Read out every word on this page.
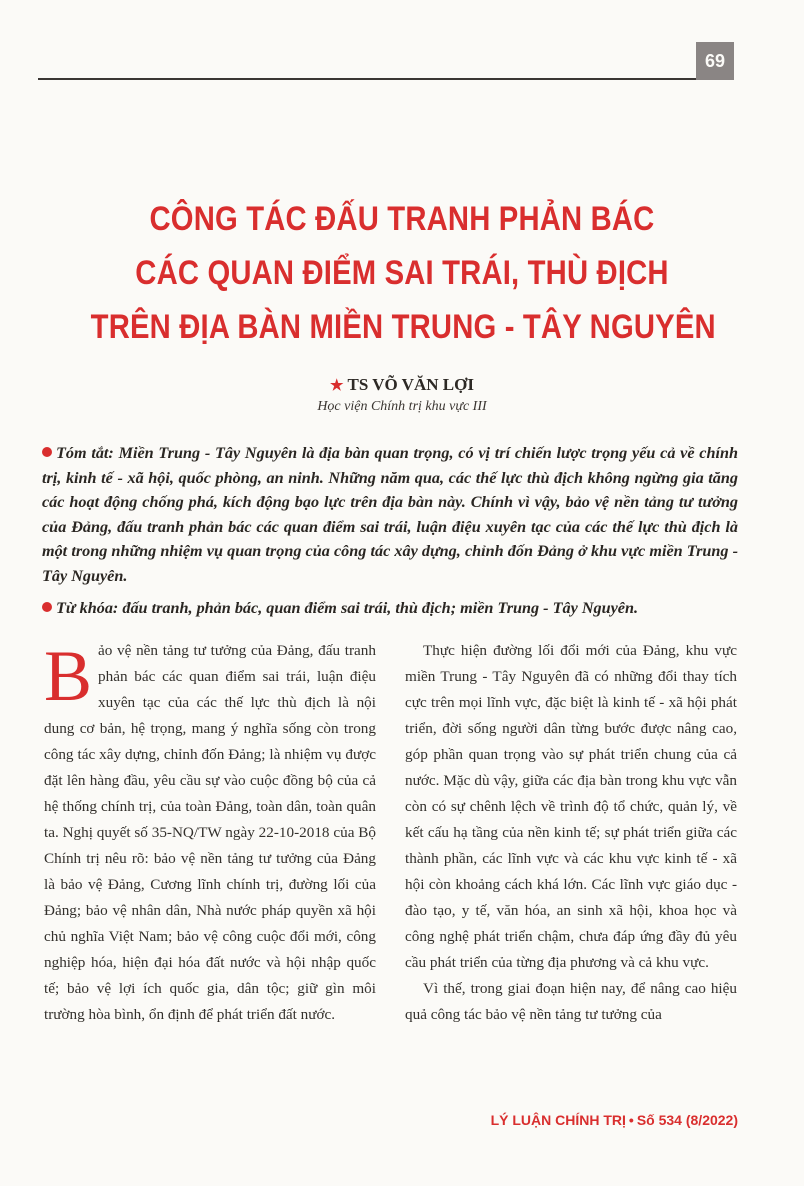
69
CÔNG TÁC ĐẤU TRANH PHẢN BÁC
CÁC QUAN ĐIỂM SAI TRÁI, THÙ ĐỊCH
TRÊN ĐỊA BÀN MIỀN TRUNG - TÂY NGUYÊN
★ TS VÕ VĂN LỢI
Học viện Chính trị khu vực III

Tóm tắt: Miền Trung - Tây Nguyên là địa bàn quan trọng, có vị trí chiến lược trọng yếu cả về chính trị, kinh tế - xã hội, quốc phòng, an ninh. Những năm qua, các thế lực thù địch không ngừng gia tăng các hoạt động chống phá, kích động bạo lực trên địa bàn này. Chính vì vậy, bảo vệ nền tảng tư tưởng của Đảng, đấu tranh phản bác các quan điểm sai trái, luận điệu xuyên tạc của các thế lực thù địch là một trong những nhiệm vụ quan trọng của công tác xây dựng, chỉnh đốn Đảng ở khu vực miền Trung - Tây Nguyên.

Từ khóa: đấu tranh, phản bác, quan điểm sai trái, thù địch; miền Trung - Tây Nguyên.

Bảo vệ nền tảng tư tưởng của Đảng, đấu tranh phản bác các quan điểm sai trái, luận điệu xuyên tạc của các thế lực thù địch là nội dung cơ bản, hệ trọng, mang ý nghĩa sống còn trong công tác xây dựng, chỉnh đốn Đảng; là nhiệm vụ được đặt lên hàng đầu, yêu cầu sự vào cuộc đồng bộ của cả hệ thống chính trị, của toàn Đảng, toàn dân, toàn quân ta. Nghị quyết số 35-NQ/TW ngày 22-10-2018 của Bộ Chính trị nêu rõ: bảo vệ nền tảng tư tưởng của Đảng là bảo vệ Đảng, Cương lĩnh chính trị, đường lối của Đảng; bảo vệ nhân dân, Nhà nước pháp quyền xã hội chủ nghĩa Việt Nam; bảo vệ công cuộc đổi mới, công nghiệp hóa, hiện đại hóa đất nước và hội nhập quốc tế; bảo vệ lợi ích quốc gia, dân tộc; giữ gìn môi trường hòa bình, ổn định để phát triển đất nước.

Thực hiện đường lối đổi mới của Đảng, khu vực miền Trung - Tây Nguyên đã có những đổi thay tích cực trên mọi lĩnh vực, đặc biệt là kinh tế - xã hội phát triển, đời sống người dân từng bước được nâng cao, góp phần quan trọng vào sự phát triển chung của cả nước. Mặc dù vậy, giữa các địa bàn trong khu vực vẫn còn có sự chênh lệch về trình độ tổ chức, quản lý, về kết cấu hạ tầng của nền kinh tế; sự phát triển giữa các thành phần, các lĩnh vực và các khu vực kinh tế - xã hội còn khoảng cách khá lớn. Các lĩnh vực giáo dục - đào tạo, y tế, văn hóa, an sinh xã hội, khoa học và công nghệ phát triển chậm, chưa đáp ứng đầy đủ yêu cầu phát triển của từng địa phương và cả khu vực.

Vì thế, trong giai đoạn hiện nay, để nâng cao hiệu quả công tác bảo vệ nền tảng tư tưởng của

LÝ LUẬN CHÍNH TRỊ • Số 534 (8/2022)
